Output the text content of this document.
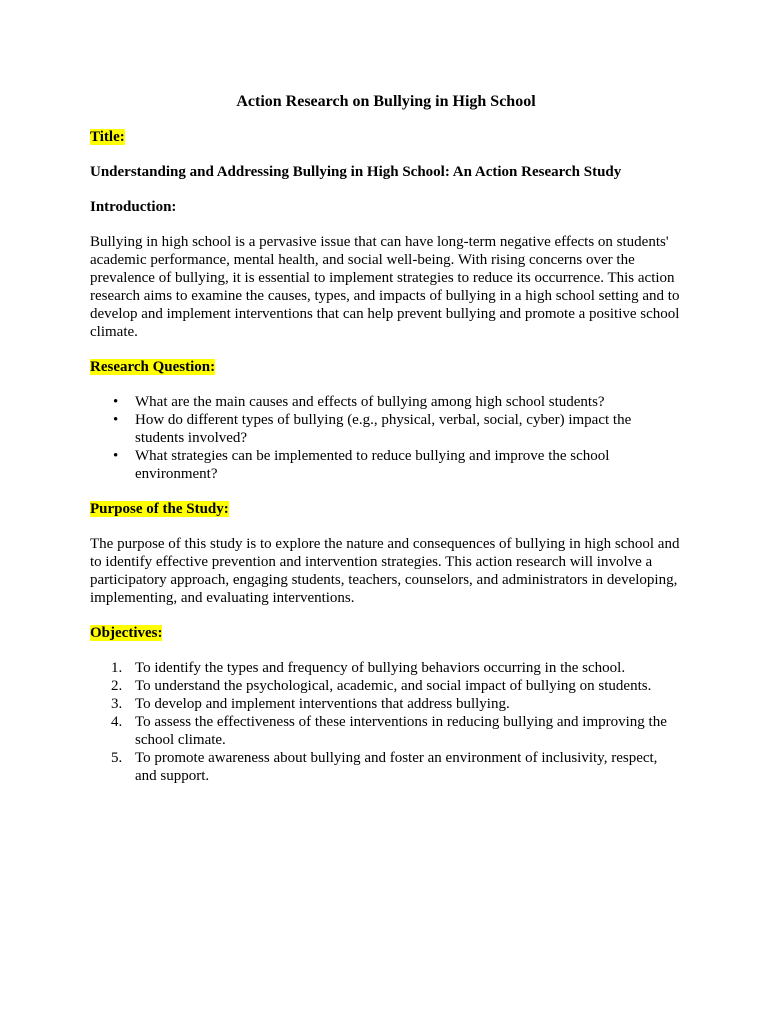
Action Research on Bullying in High School
Title:
Understanding and Addressing Bullying in High School: An Action Research Study
Introduction:
Bullying in high school is a pervasive issue that can have long-term negative effects on students' academic performance, mental health, and social well-being. With rising concerns over the prevalence of bullying, it is essential to implement strategies to reduce its occurrence. This action research aims to examine the causes, types, and impacts of bullying in a high school setting and to develop and implement interventions that can help prevent bullying and promote a positive school climate.
Research Question:
• What are the main causes and effects of bullying among high school students?
• How do different types of bullying (e.g., physical, verbal, social, cyber) impact the students involved?
• What strategies can be implemented to reduce bullying and improve the school environment?
Purpose of the Study:
The purpose of this study is to explore the nature and consequences of bullying in high school and to identify effective prevention and intervention strategies. This action research will involve a participatory approach, engaging students, teachers, counselors, and administrators in developing, implementing, and evaluating interventions.
Objectives:
1. To identify the types and frequency of bullying behaviors occurring in the school.
2. To understand the psychological, academic, and social impact of bullying on students.
3. To develop and implement interventions that address bullying.
4. To assess the effectiveness of these interventions in reducing bullying and improving the school climate.
5. To promote awareness about bullying and foster an environment of inclusivity, respect, and support.
